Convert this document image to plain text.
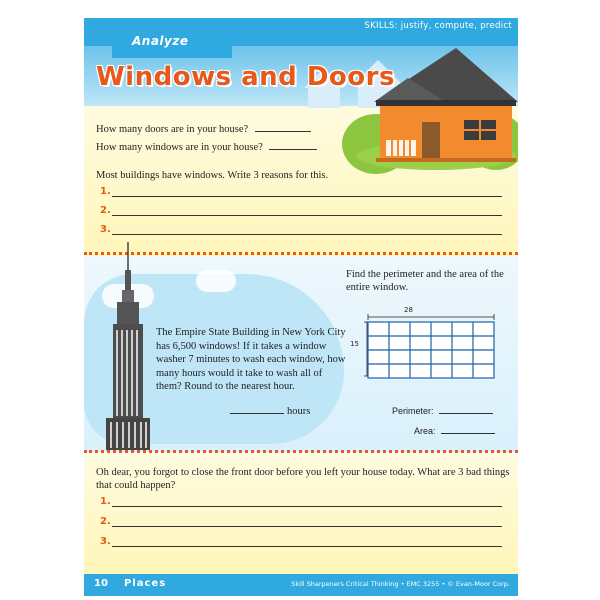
Analyze
SKILLS: justify, compute, predict
Windows and Doors
How many doors are in your house?
How many windows are in your house?
Most buildings have windows. Write 3 reasons for this.
1.
2.
3.
The Empire State Building in New York City has 6,500 windows! If it takes a window washer 7 minutes to wash each window, how many hours would it take to wash all of them? Round to the nearest hour.
hours
Find the perimeter and the area of the entire window.
28
15
Perimeter:
Area:
Oh dear, you forgot to close the front door before you left your house today. What are 3 bad things that could happen?
1.
2.
3.
10 Places	Skill Sharpeners Critical Thinking • EMC 3255 • © Evan-Moor Corp.
